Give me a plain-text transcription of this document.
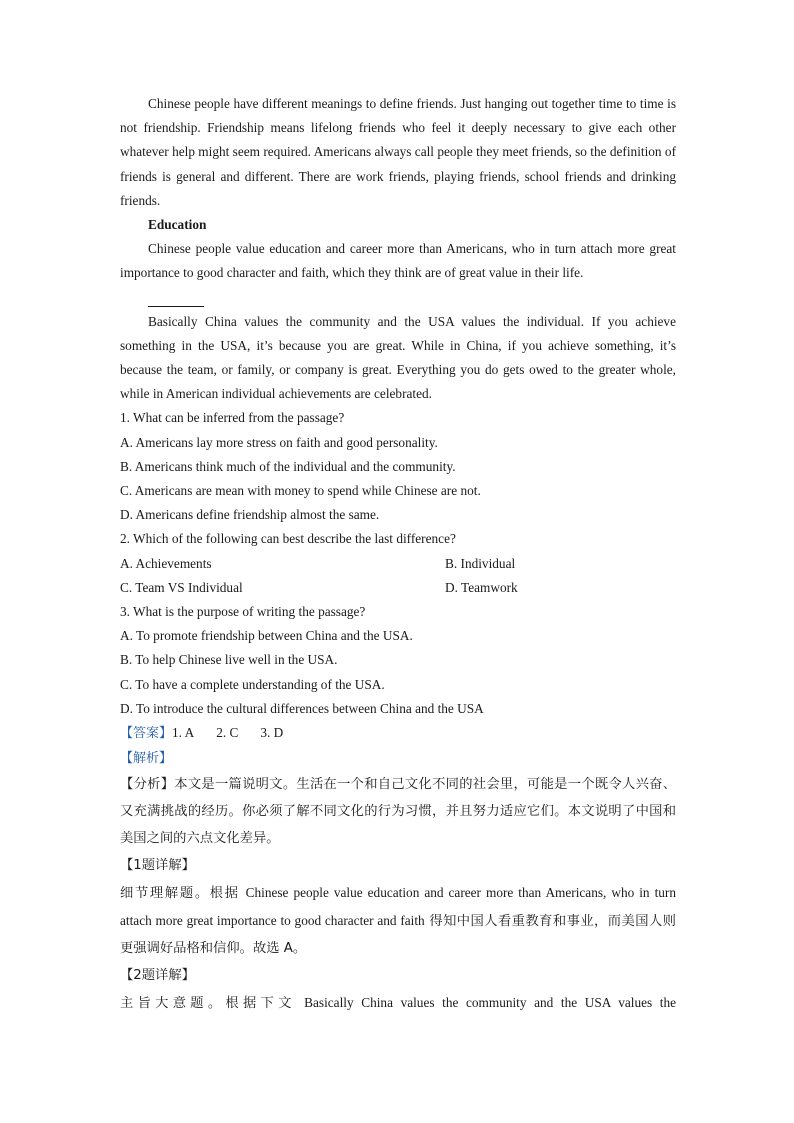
Chinese people have different meanings to define friends. Just hanging out together time to time is not friendship. Friendship means lifelong friends who feel it deeply necessary to give each other whatever help might seem required. Americans always call people they meet friends, so the definition of friends is general and different. There are work friends, playing friends, school friends and drinking friends.

Education

Chinese people value education and career more than Americans, who in turn attach more great importance to good character and faith, which they think are of great value in their life.

Basically China values the community and the USA values the individual. If you achieve something in the USA, it’s because you are great. While in China, if you achieve something, it’s because the team, or family, or company is great. Everything you do gets owed to the greater whole, while in American individual achievements are celebrated.

1. What can be inferred from the passage?

A. Americans lay more stress on faith and good personality.

B. Americans think much of the individual and the community.

C. Americans are mean with money to spend while Chinese are not.

D. Americans define friendship almost the same.

2. Which of the following can best describe the last difference?

A. Achievements	B. Individual
C. Team VS Individual	D. Teamwork

3. What is the purpose of writing the passage?

A. To promote friendship between China and the USA.

B. To help Chinese live well in the USA.

C. To have a complete understanding of the USA.

D. To introduce the cultural differences between China and the USA

【答案】1. A 2. C 3. D
【解析】

【分析】本文是一篇说明文。生活在一个和自己文化不同的社会里，可能是一个既令人兴奋、又充满挑战的经历。你必须了解不同文化的行为习惯，并且努力适应它们。本文说明了中国和美国之间的六点文化差异。

【1题详解】

细节理解题。根据 Chinese people value education and career more than Americans, who in turn attach more great importance to good character and faith 得知中国人看重教育和事业，而美国人则更强调好品格和信仰。故选 A。

【2题详解】

主旨大意题。根据下文 Basically China values the community and the USA values the
